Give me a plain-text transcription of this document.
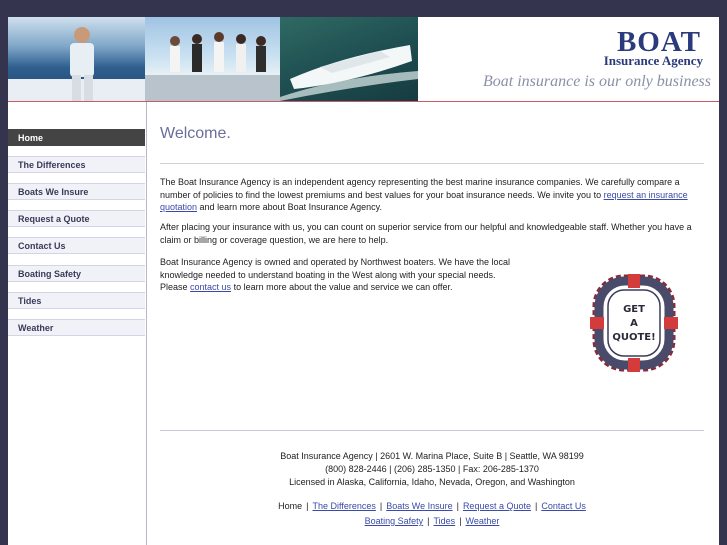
BOAT
Insurance Agency
Boat insurance is our only business
Home
The Differences
Boats We Insure
Request a Quote
Contact Us
Boating Safety
Tides
Weather
Welcome.

The Boat Insurance Agency is an independent agency representing the best marine insurance companies. We carefully compare a number of policies to find the lowest premiums and best values for your boat insurance needs. We invite you to request an insurance quotation and learn more about Boat Insurance Agency.

After placing your insurance with us, you can count on superior service from our helpful and knowledgeable staff. Whether you have a claim or billing or coverage question, we are here to help.

Boat Insurance Agency is owned and operated by Northwest boaters. We have the local
knowledge needed to understand boating in the West along with your special needs.
Please contact us to learn more about the value and service we can offer.
GET
A
QUOTE!
Boat Insurance Agency | 2601 W. Marina Place, Suite B | Seattle, WA 98199
(800) 828-2446 | (206) 285-1350 | Fax: 206-285-1370
Licensed in Alaska, California, Idaho, Nevada, Oregon, and Washington
Home | The Differences | Boats We Insure | Request a Quote | Contact Us
Boating Safety | Tides | Weather
